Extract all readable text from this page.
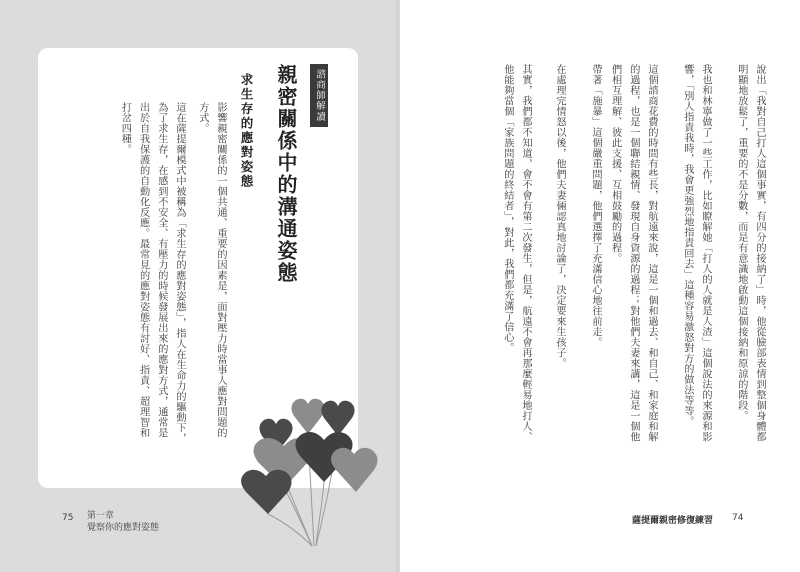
諮商師解讀
親密關係中的溝通姿態
求生存的應對姿態
影響親密關係的一個共通、重要的因素是，面對壓力時當事人應對問題的方式。
這在薩提爾模式中被稱為「求生存的應對姿態」，指人在生命力的驅動下，為了求生存，在感到不安全、有壓力的時候發展出來的應對方式，通常是出於自我保護的自動化反應。最常見的應對姿態有討好、指責、超理智和打岔四種。
75 第一章
覺察你的應對姿態
說出「我對自己打人這個事實，有四分的接納了」時，他從臉部表情到整個身體都明顯地放鬆了，重要的不是分數，而是有意識地啟動這個接納和原諒的階段。
我也和林寧做了一些工作，比如瞭解她「打人的人就是人渣」這個說法的來源和影響，「別人指責我時，我會更強烈地指責回去」這種容易激怒對方的做法等等。
這個諮商花費的時間有些長，對航遠來說，這是一個和過去、和自己、和家庭和解的過程，也是一個聯結親情、發現自身資源的過程；對他們夫妻來講，這是一個他們相互理解、彼此支援、互相鼓勵的過程。
帶著「施暴」這個嚴重問題，他們選擇了充滿信心地往前走。
在處理完情怒以後，他們夫妻倆認真地討論了，決定要來生孩子。
其實，我們都不知道，會不會有第二次發生，但是，航遠不會再那麼輕易地打人、他能夠當個「家族問題的終結者」，對此，我們都充滿了信心。
薩提爾親密修復練習 74
